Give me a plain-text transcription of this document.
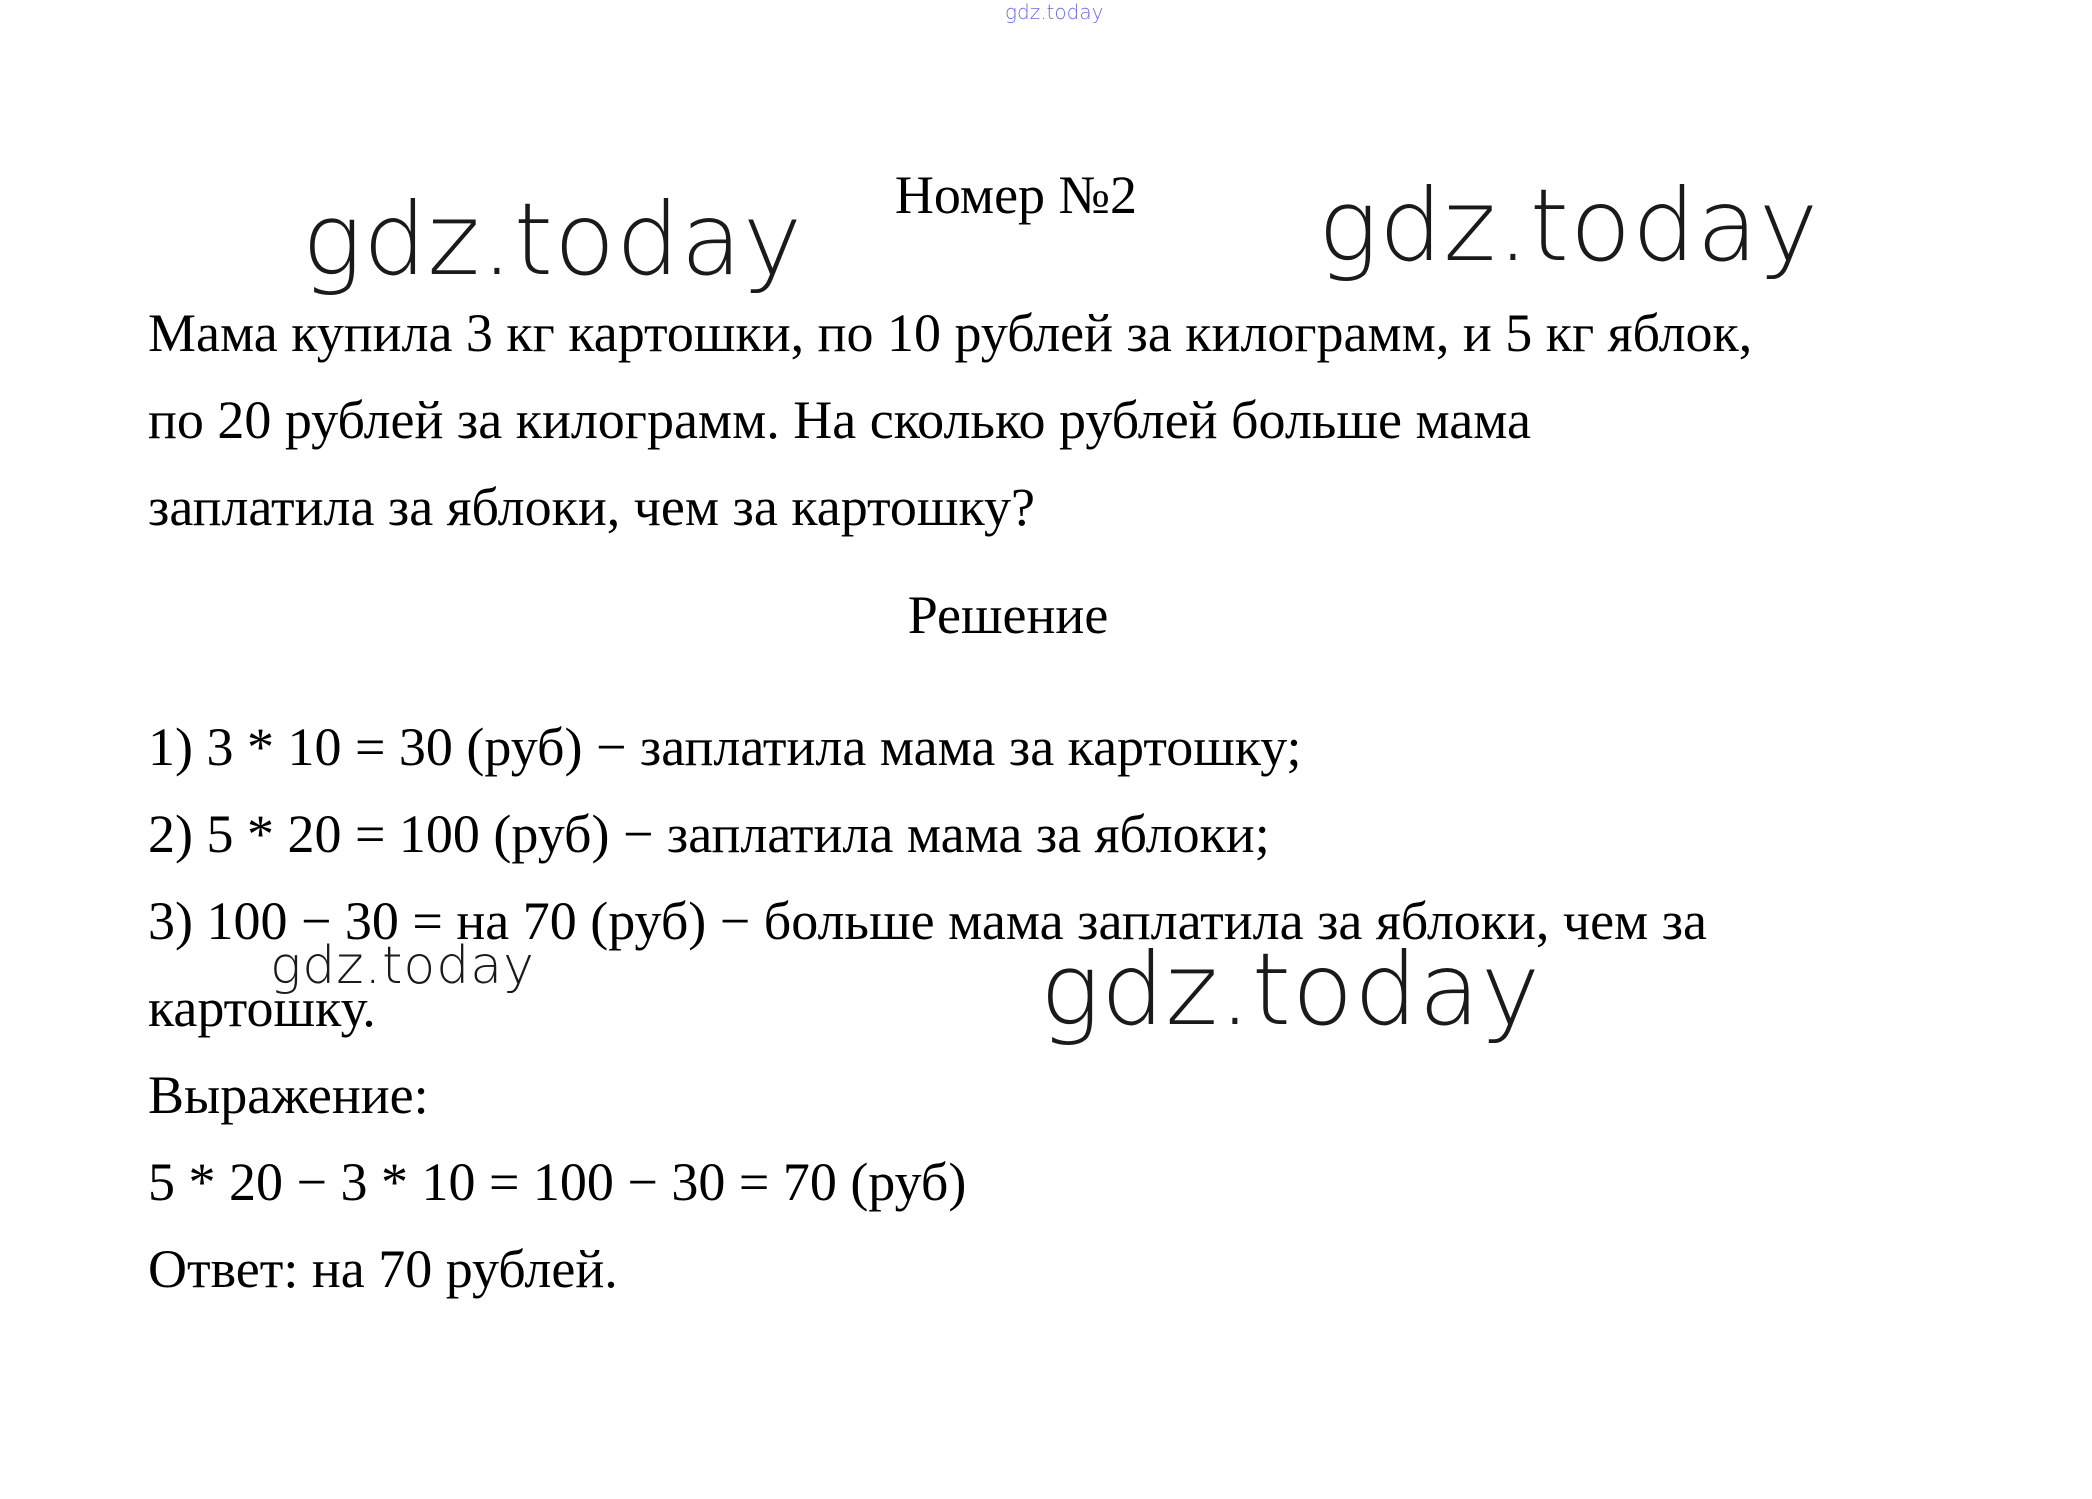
gdz.today
Номер №2
gdz.today	gdz.today
Мама купила 3 кг картошки, по 10 рублей за килограмм, и 5 кг яблок,
по 20 рублей за килограмм. На сколько рублей больше мама
заплатила за яблоки, чем за картошку?
Решение
1) 3 * 10 = 30 (руб) − заплатила мама за картошку;
2) 5 * 20 = 100 (руб) − заплатила мама за яблоки;
3) 100 − 30 = на 70 (руб) − больше мама заплатила за яблоки, чем за
картошку.
Выражение:
5 * 20 − 3 * 10 = 100 − 30 = 70 (руб)
Ответ: на 70 рублей.
gdz.today	gdz.today
